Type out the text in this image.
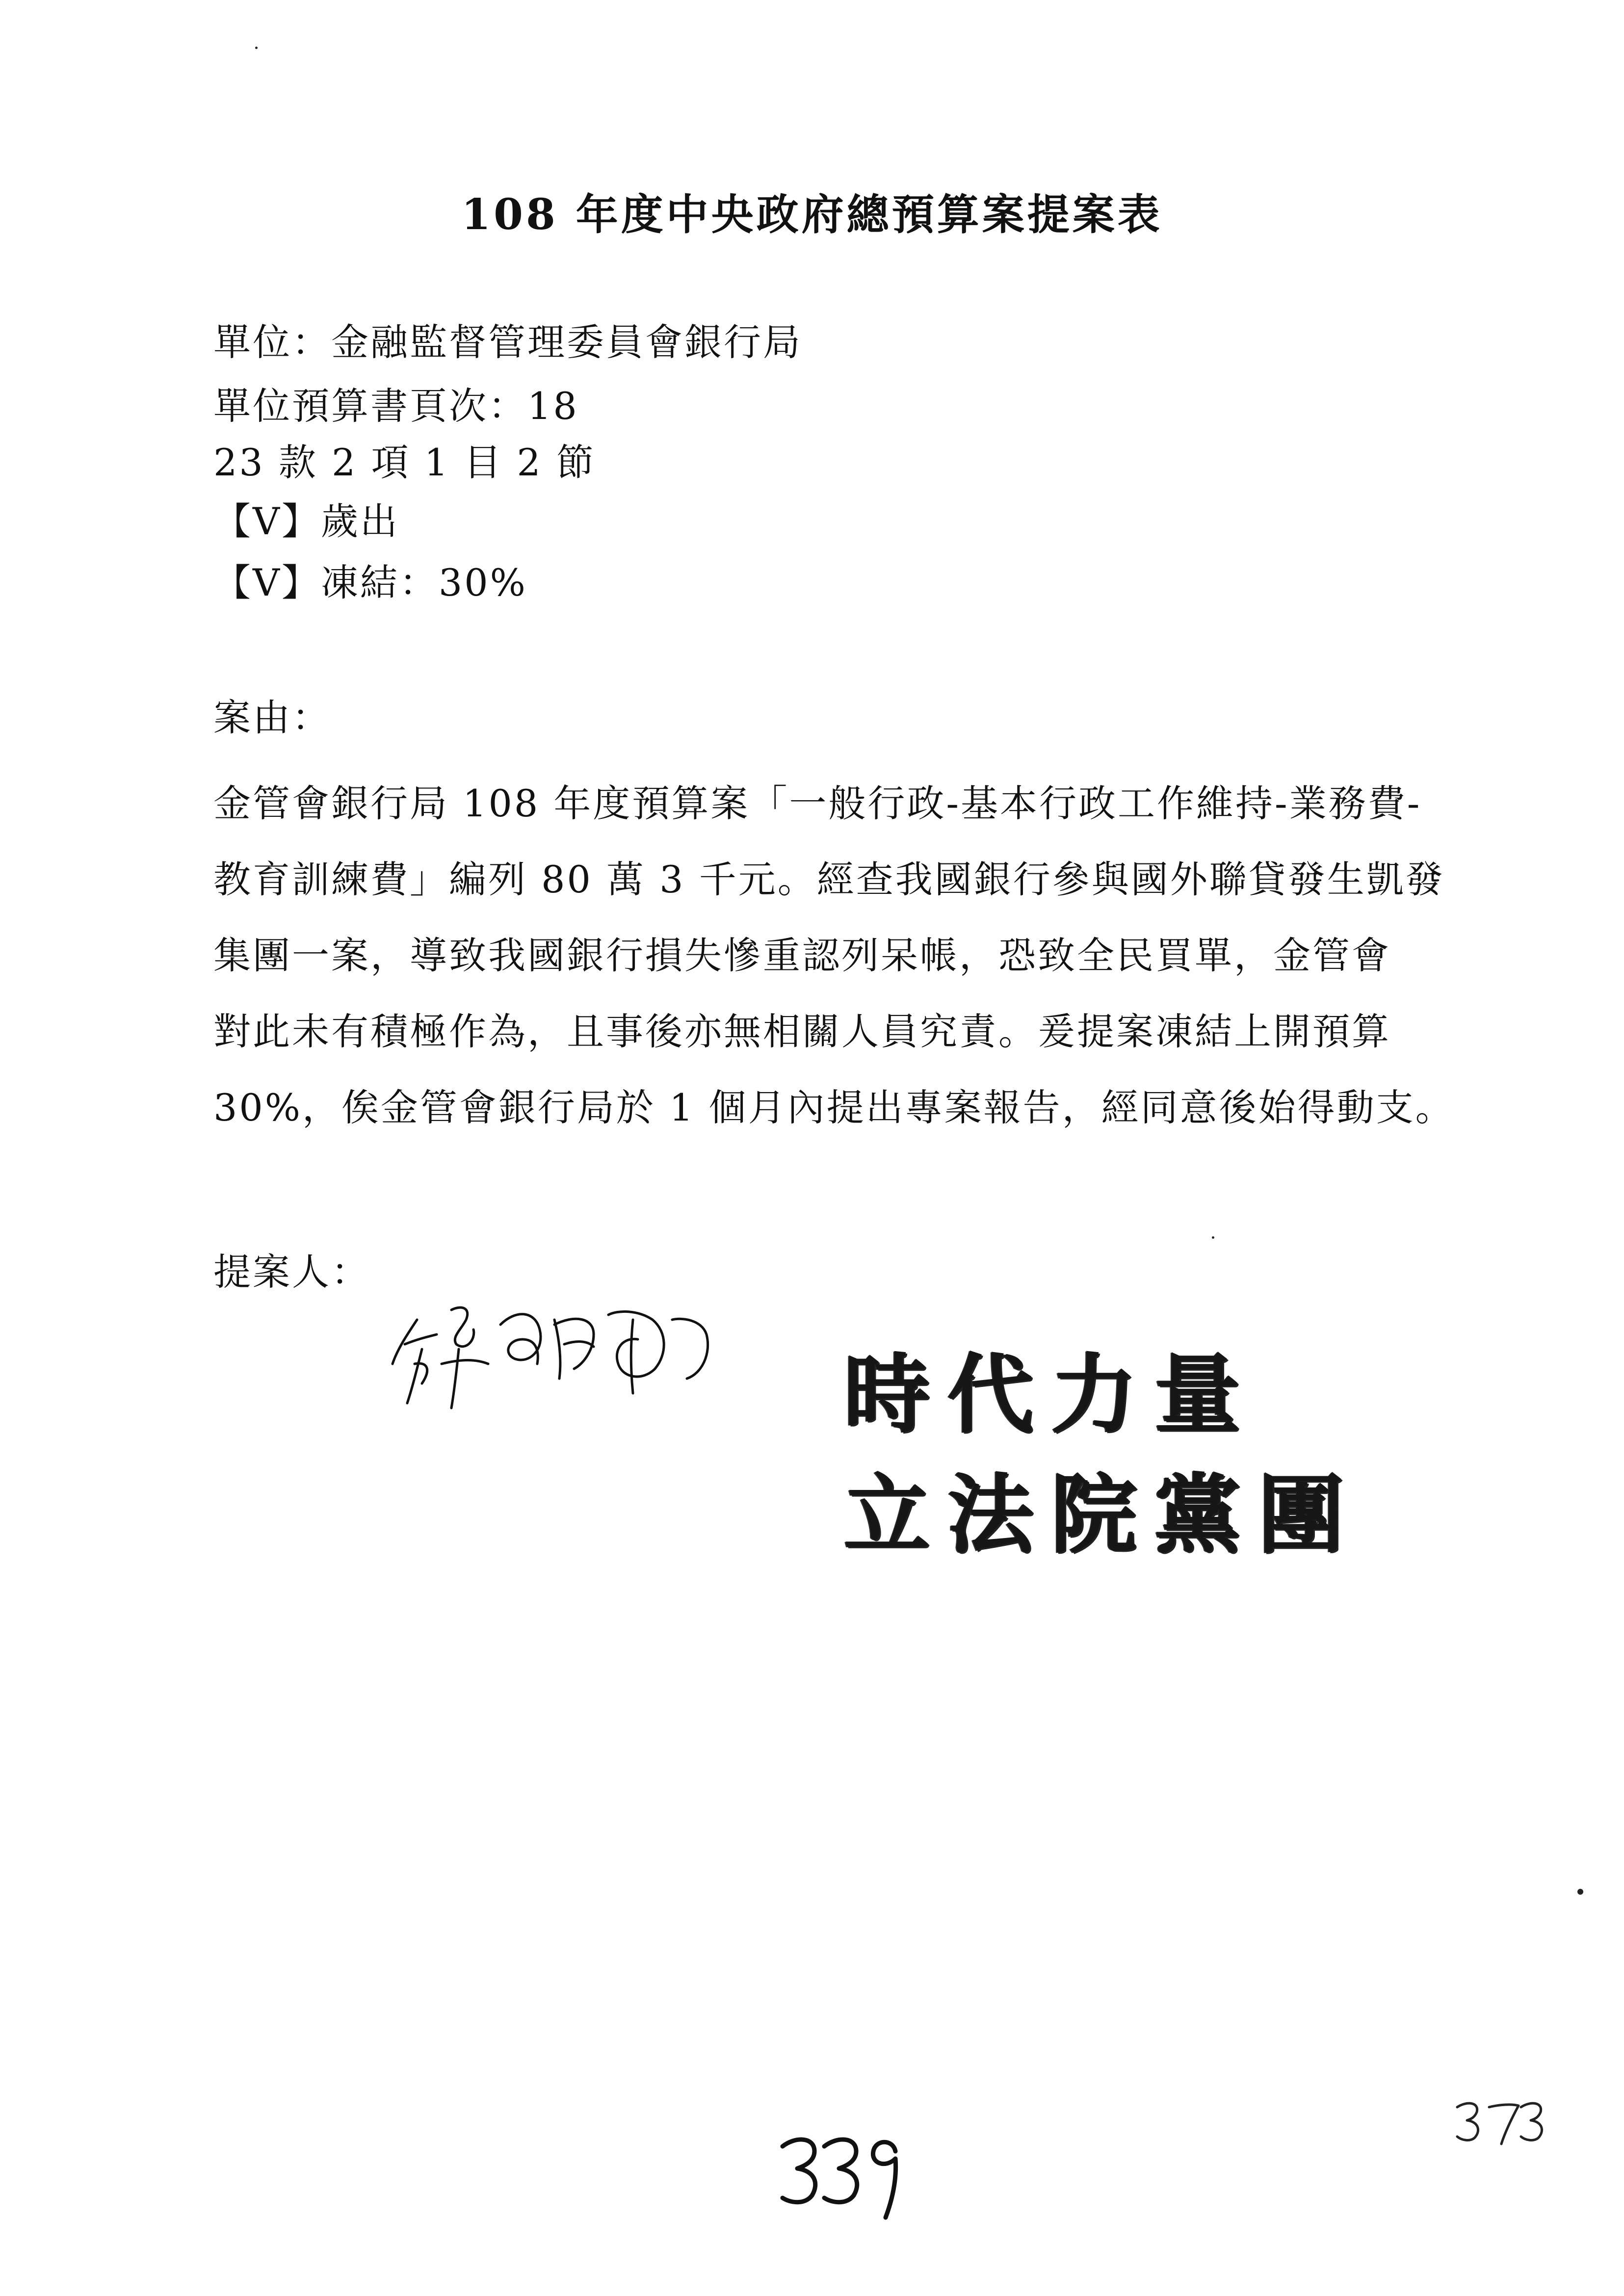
108 年度中央政府總預算案提案表
單位：金融監督管理委員會銀行局
單位預算書頁次：18
23 款 2 項 1 目 2 節
【V】歲出
【V】凍結：30%
案由：
金管會銀行局 108 年度預算案「一般行政-基本行政工作維持-業務費-
教育訓練費」編列 80 萬 3 千元。經查我國銀行參與國外聯貸發生凱發
集團一案，導致我國銀行損失慘重認列呆帳，恐致全民買單，金管會
對此未有積極作為，且事後亦無相關人員究責。爰提案凍結上開預算
30%，俟金管會銀行局於 1 個月內提出專案報告，經同意後始得動支。
提案人：
時代力量
立法院黨團
